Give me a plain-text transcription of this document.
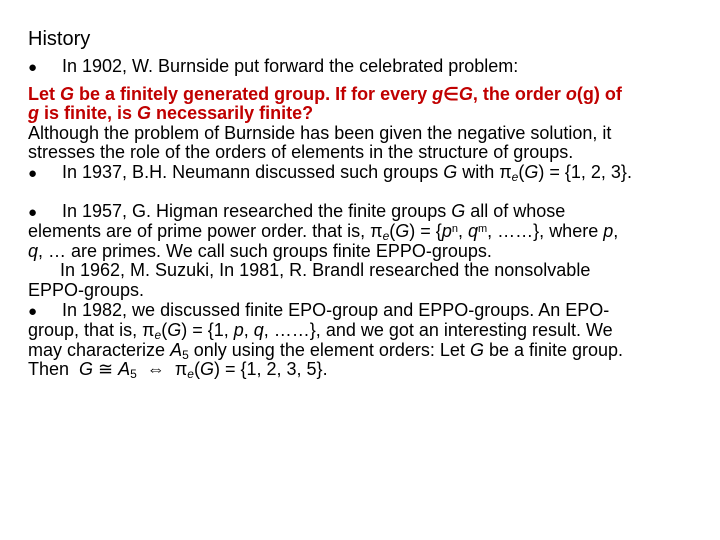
History
● In 1902, W. Burnside put forward the celebrated problem:
Let G be a finitely generated group. If for every g∈G, the order o(g) of
g is finite, is G necessarily finite?
Although the problem of Burnside has been given the negative solution, it
stresses the role of the orders of elements in the structure of groups.
● In 1937, B.H. Neumann discussed such groups G with $\pi_e(G) = \{1$, 2, 3}.
● In 1957, G. Higman researched the finite groups G all of whose
elements are of prime power order. that is, $\pi_e(G) = \{p^n$, $q^m$, ……}, where p,
q, … are primes. We call such groups finite EPPO-groups.
In 1962, M. Suzuki, In 1981, R. Brandl researched the nonsolvable
EPPO-groups.
● In 1982, we discussed finite EPO-group and EPPO-groups. An EPO-
group, that is, $\pi_e(G) = \{1$, p, q, ……}, and we got an interesting result. We
may characterize $A_5$ only using the element orders: Let G be a finite group.
Then  G ≅ $A_5$  ⇔  $\pi_e(G) = \{1$, 2, 3, 5}.
